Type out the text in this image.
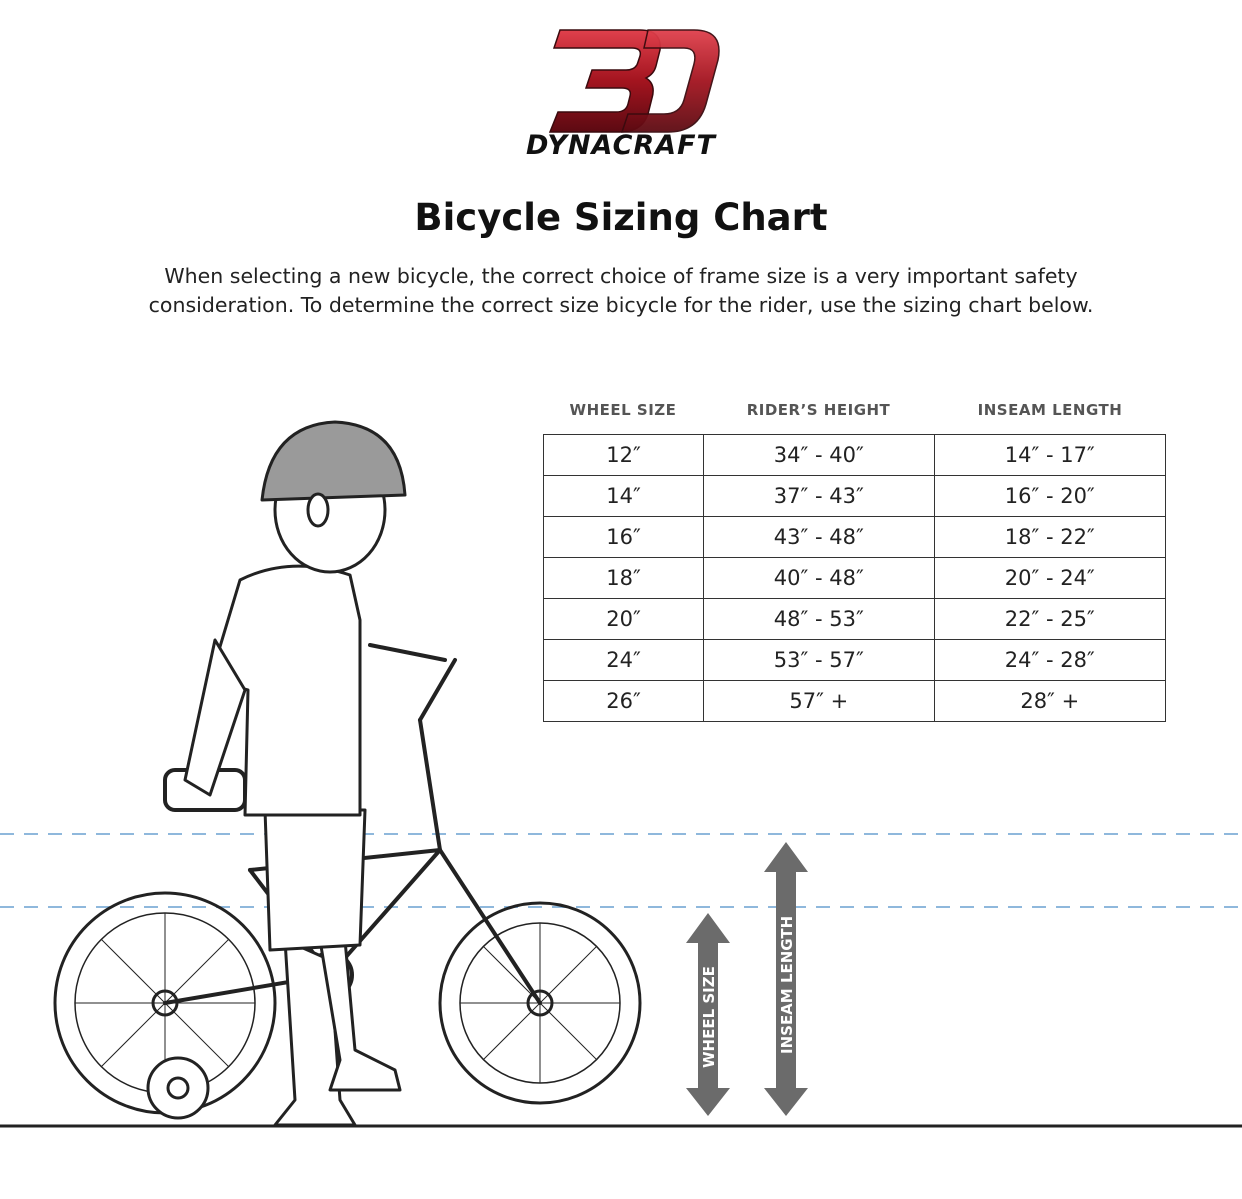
DYNACRAFT
Bicycle Sizing Chart

When selecting a new bicycle, the correct choice of frame size is a very important safety
consideration. To determine the correct size bicycle for the rider, use the sizing chart below.

WHEEL SIZE	INSEAM LENGTH
WHEEL SIZE	RIDER’S HEIGHT	INSEAM LENGTH
12″	34″ - 40″	14″ - 17″
14″	37″ - 43″	16″ - 20″
16″	43″ - 48″	18″ - 22″
18″	40″ - 48″	20″ - 24″
20″	48″ - 53″	22″ - 25″
24″	53″ - 57″	24″ - 28″
26″	57″ +	28″ +
